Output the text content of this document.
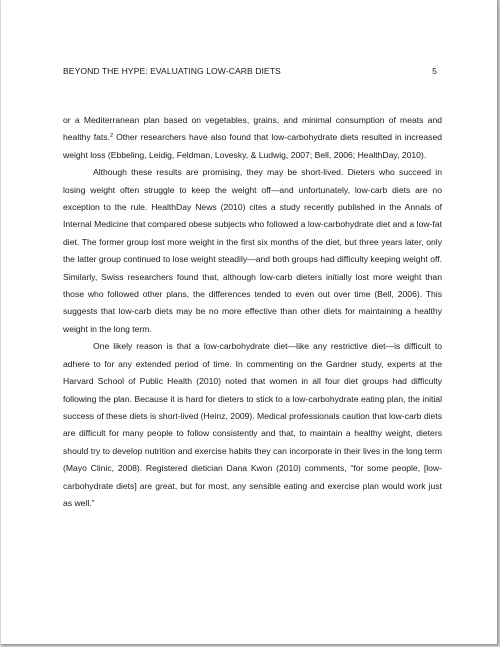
BEYOND THE HYPE: EVALUATING LOW-CARB DIETS	5

or a Mediterranean plan based on vegetables, grains, and minimal consumption of meats and healthy fats.$^2$ Other researchers have also found that low-carbohydrate diets resulted in increased weight loss (Ebbeling, Leidig, Feldman, Lovesky, & Ludwig, 2007; Bell, 2006; HealthDay, 2010).

Although these results are promising, they may be short-lived. Dieters who succeed in losing weight often struggle to keep the weight off—and unfortunately, low-carb diets are no exception to the rule. HealthDay News (2010) cites a study recently published in the Annals of Internal Medicine that compared obese subjects who followed a low-carbohydrate diet and a low-fat diet. The former group lost more weight in the first six months of the diet, but three years later, only the latter group continued to lose weight steadily—and both groups had difficulty keeping weight off. Similarly, Swiss researchers found that, although low-carb dieters initially lost more weight than those who followed other plans, the differences tended to even out over time (Bell, 2006). This suggests that low-carb diets may be no more effective than other diets for maintaining a healthy weight in the long term.

One likely reason is that a low-carbohydrate diet—like any restrictive diet—is difficult to adhere to for any extended period of time. In commenting on the Gardner study, experts at the Harvard School of Public Health (2010) noted that women in all four diet groups had difficulty following the plan. Because it is hard for dieters to stick to a low-carbohydrate eating plan, the initial success of these diets is short-lived (Heinz, 2009). Medical professionals caution that low-carb diets are difficult for many people to follow consistently and that, to maintain a healthy weight, dieters should try to develop nutrition and exercise habits they can incorporate in their lives in the long term (Mayo Clinic, 2008). Registered dietician Dana Kwon (2010) comments, “for some people, [low-carbohydrate diets] are great, but for most, any sensible eating and exercise plan would work just as well.”
